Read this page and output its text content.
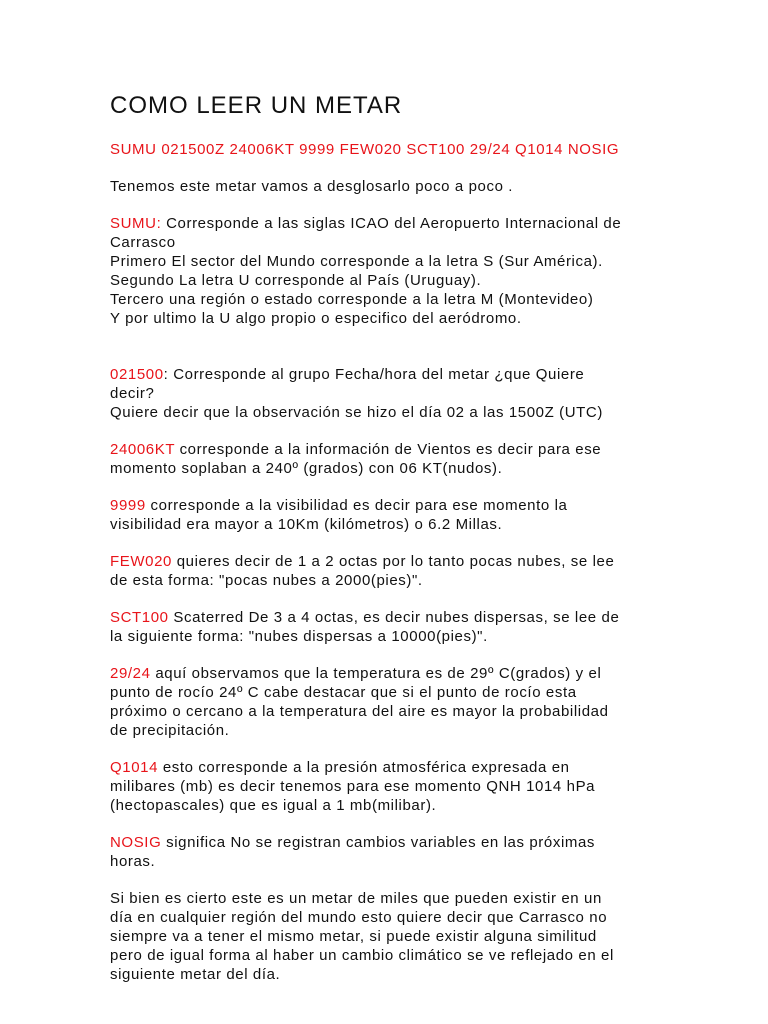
COMO LEER UN METAR

SUMU 021500Z 24006KT 9999 FEW020 SCT100 29/24 Q1014 NOSIG

Tenemos este metar vamos a desglosarlo poco a poco .

SUMU: Corresponde a las siglas ICAO del Aeropuerto Internacional de

Carrasco

Primero El sector del Mundo corresponde a la letra S (Sur América).

Segundo La letra U corresponde al País (Uruguay).

Tercero una región o estado corresponde a la letra M (Montevideo)

Y por ultimo la U algo propio o especifico del aeródromo.

021500: Corresponde al grupo Fecha/hora del metar ¿que Quiere

decir?

Quiere decir que la observación se hizo el día 02 a las 1500Z (UTC)

24006KT corresponde a la información de Vientos es decir para ese

momento soplaban a 240º (grados) con 06 KT(nudos).

9999 corresponde a la visibilidad es decir para ese momento la

visibilidad era mayor a 10Km (kilómetros) o 6.2 Millas.

FEW020 quieres decir de 1 a 2 octas por lo tanto pocas nubes, se lee

de esta forma: "pocas nubes a 2000(pies)".

SCT100 Scaterred De 3 a 4 octas, es decir nubes dispersas, se lee de

la siguiente forma: "nubes dispersas a 10000(pies)".

29/24 aquí observamos que la temperatura es de 29º C(grados) y el

punto de rocío 24º C cabe destacar que si el punto de rocío esta

próximo o cercano a la temperatura del aire es mayor la probabilidad

de precipitación.

Q1014 esto corresponde a la presión atmosférica expresada en

milibares (mb) es decir tenemos para ese momento QNH 1014 hPa

(hectopascales) que es igual a 1 mb(milibar).

NOSIG significa No se registran cambios variables en las próximas

horas.

Si bien es cierto este es un metar de miles que pueden existir en un

día en cualquier región del mundo esto quiere decir que Carrasco no

siempre va a tener el mismo metar, si puede existir alguna similitud

pero de igual forma al haber un cambio climático se ve reflejado en el

siguiente metar del día.
